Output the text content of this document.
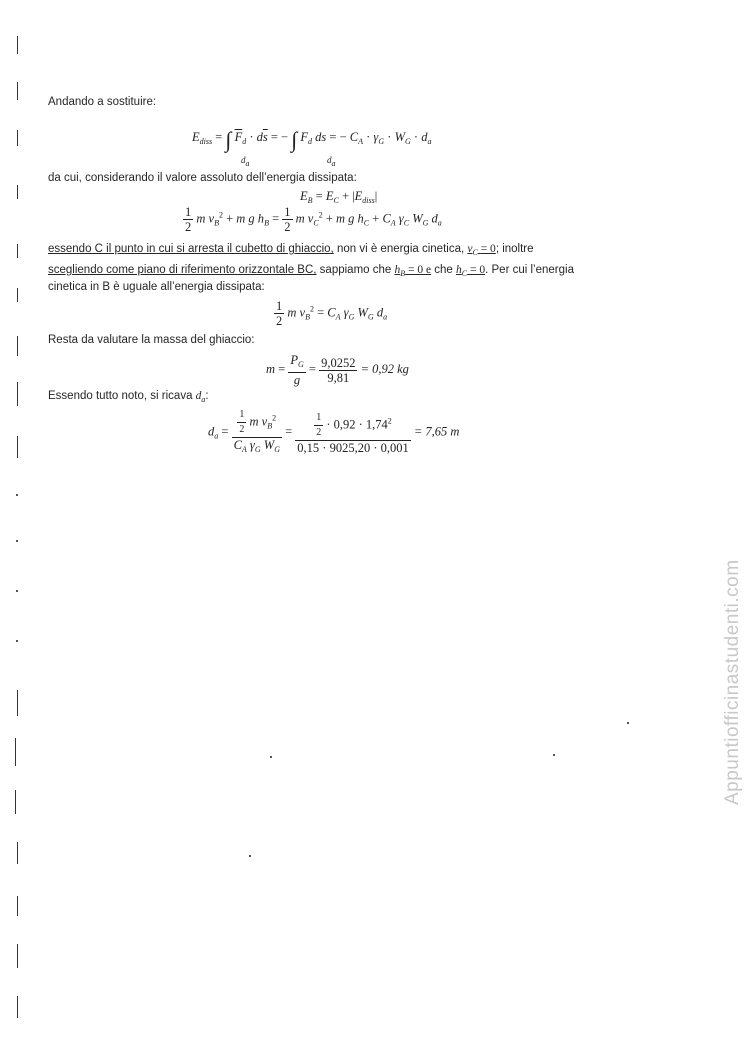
Andando a sostituire:
$E_{diss}$ = ∫ $\overline{F}_d \cdot d\overline{s}$ = − ∫ $F_d$ ds = − $C_A \cdot \gamma_G \cdot W_G \cdot d_a$
da	da
da cui, considerando il valore assoluto dell’energia dissipata:
$E_B = E_C + |E_{diss}|$
$\frac{1}{2}$ m $v_B^2 + m$ g $h_B = \frac{1}{2}$ m $v_C^2 + m$ g $h_C + C_A$ $\gamma_C$ $W_G$ $d_a$
essendo C il punto in cui si arresta il cubetto di ghiaccio, non vi è energia cinetica, $v_C = 0$; inoltre
scegliendo come piano di riferimento orizzontale BC, sappiamo che $h_B = 0$ e che $h_C = 0$. Per cui l’energia
cinetica in B è uguale all’energia dissipata:
$\frac{1}{2}$ m $v_B^2 = C_A$ $\gamma_G$ $W_G$ $d_a$
Resta da valutare la massa del ghiaccio:
$m = \frac{P_G}{g} = \frac{9,0252}{9,81} = 0,92$ kg
Essendo tutto noto, si ricava $d_a$:
$d_a = \frac{\frac{1}{2} m v_B^2}{C_A \gamma_G W_G} = \frac{\frac{1}{2} \cdot 0,92 \cdot 1,74^2}{0,15 \cdot 9025,20 \cdot 0,001} = 7,65$ m
Appuntiofficinastudenti.com
